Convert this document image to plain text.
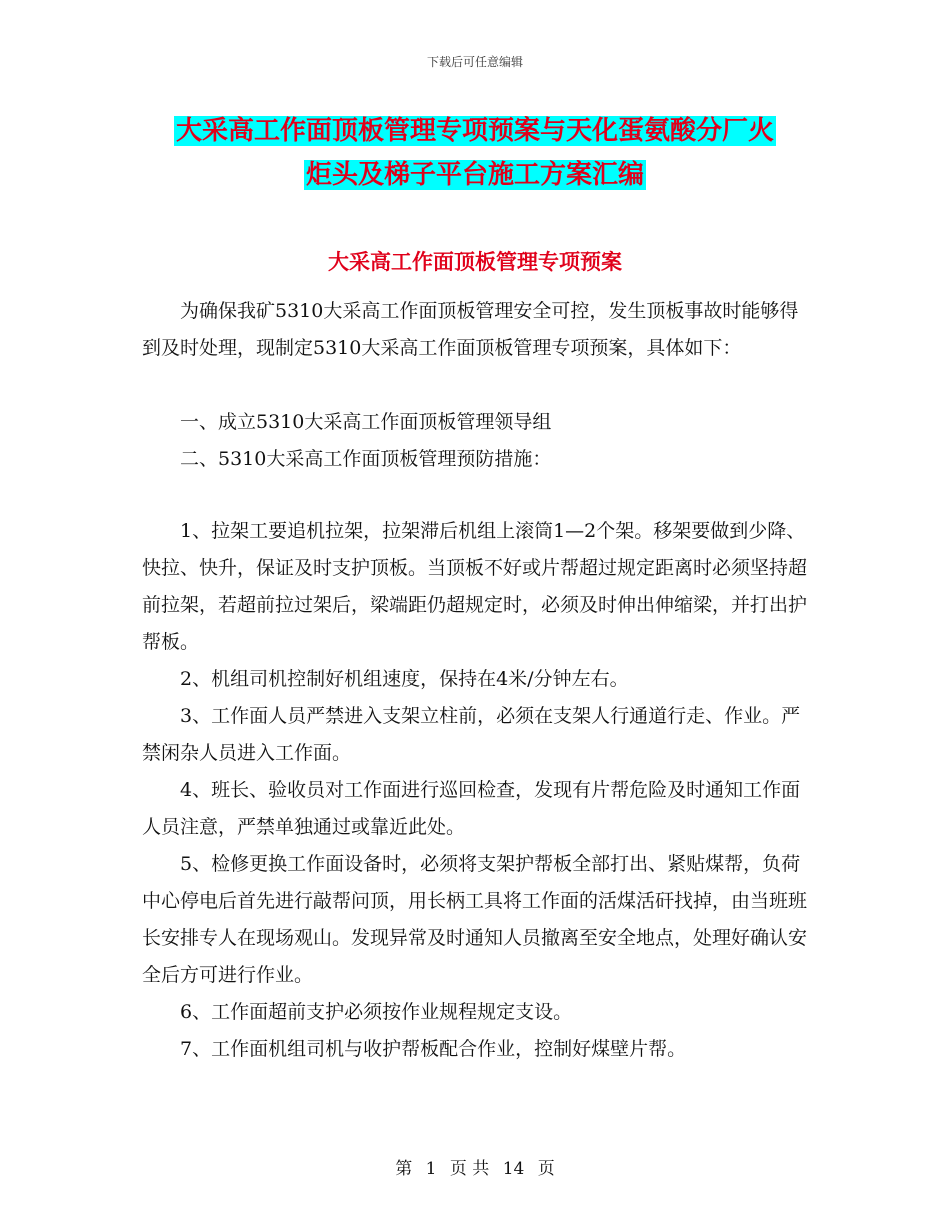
下载后可任意编辑
大采高工作面顶板管理专项预案与天化蛋氨酸分厂火
炬头及梯子平台施工方案汇编
大采高工作面顶板管理专项预案

为确保我矿5310大采高工作面顶板管理安全可控，发生顶板事故时能够得到及时处理，现制定5310大采高工作面顶板管理专项预案，具体如下：

一、成立5310大采高工作面顶板管理领导组

二、5310大采高工作面顶板管理预防措施：

1、拉架工要追机拉架，拉架滞后机组上滚筒1—2个架。移架要做到少降、快拉、快升，保证及时支护顶板。当顶板不好或片帮超过规定距离时必须坚持超前拉架，若超前拉过架后，梁端距仍超规定时，必须及时伸出伸缩梁，并打出护帮板。

2、机组司机控制好机组速度，保持在4米/分钟左右。

3、工作面人员严禁进入支架立柱前，必须在支架人行通道行走、作业。严禁闲杂人员进入工作面。

4、班长、验收员对工作面进行巡回检查，发现有片帮危险及时通知工作面人员注意，严禁单独通过或靠近此处。

5、检修更换工作面设备时，必须将支架护帮板全部打出、紧贴煤帮，负荷中心停电后首先进行敲帮问顶，用长柄工具将工作面的活煤活矸找掉，由当班班长安排专人在现场观山。发现异常及时通知人员撤离至安全地点，处理好确认安全后方可进行作业。

6、工作面超前支护必须按作业规程规定支设。

7、工作面机组司机与收护帮板配合作业，控制好煤壁片帮。

第 1 页 共 14 页
